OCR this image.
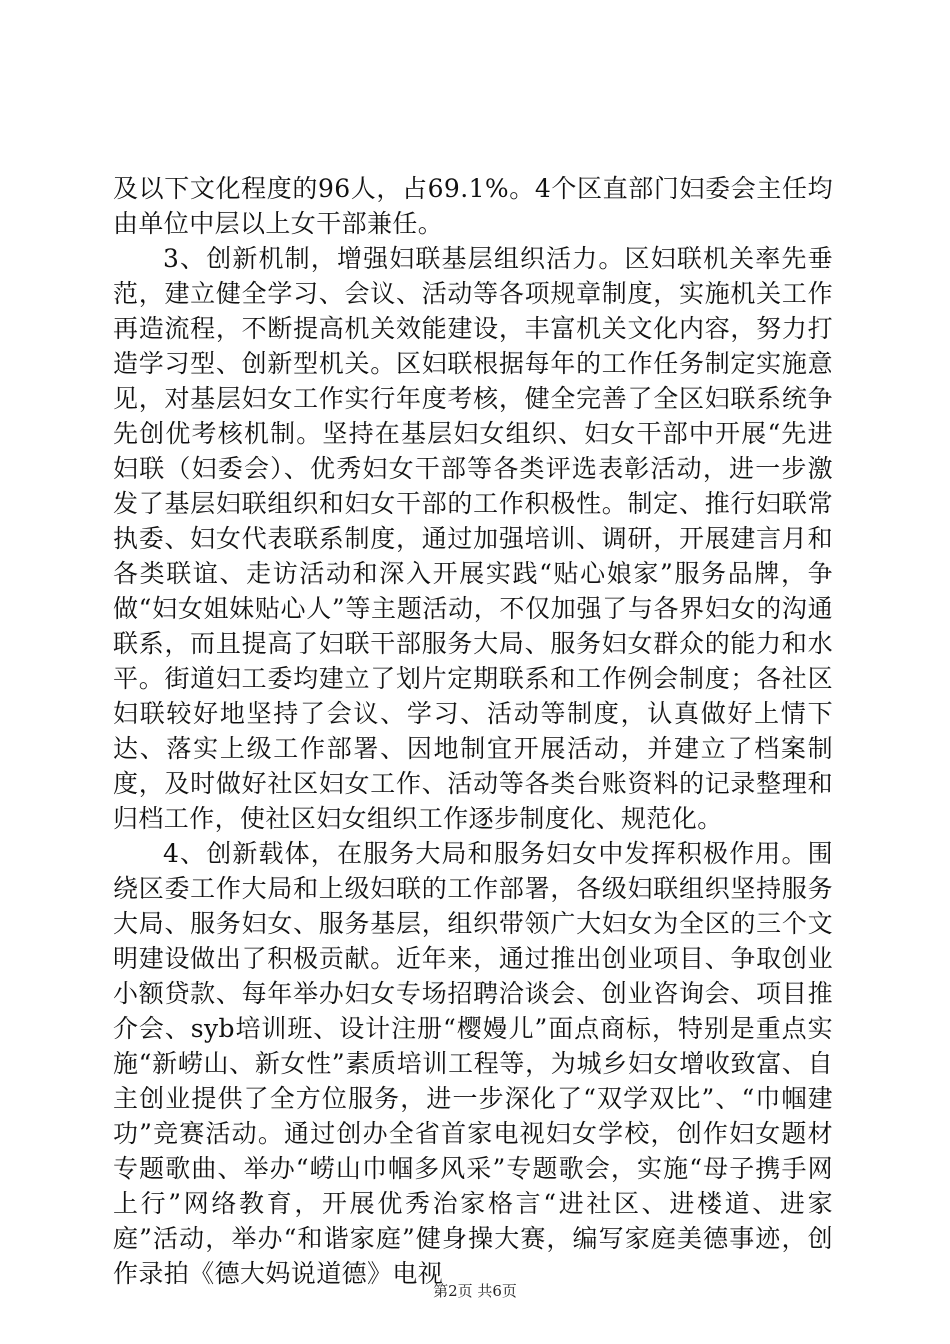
及以下文化程度的96人，占69.1%。4个区直部门妇委会主任均由单位中层以上女干部兼任。

3、创新机制，增强妇联基层组织活力。区妇联机关率先垂范，建立健全学习、会议、活动等各项规章制度，实施机关工作再造流程，不断提高机关效能建设，丰富机关文化内容，努力打造学习型、创新型机关。区妇联根据每年的工作任务制定实施意见，对基层妇女工作实行年度考核，健全完善了全区妇联系统争先创优考核机制。坚持在基层妇女组织、妇女干部中开展“先进妇联（妇委会）、优秀妇女干部等各类评选表彰活动，进一步激发了基层妇联组织和妇女干部的工作积极性。制定、推行妇联常执委、妇女代表联系制度，通过加强培训、调研，开展建言月和各类联谊、走访活动和深入开展实践“贴心娘家”服务品牌，争做“妇女姐妹贴心人”等主题活动，不仅加强了与各界妇女的沟通联系，而且提高了妇联干部服务大局、服务妇女群众的能力和水平。街道妇工委均建立了划片定期联系和工作例会制度；各社区妇联较好地坚持了会议、学习、活动等制度，认真做好上情下达、落实上级工作部署、因地制宜开展活动，并建立了档案制度，及时做好社区妇女工作、活动等各类台账资料的记录整理和归档工作，使社区妇女组织工作逐步制度化、规范化。

4、创新载体，在服务大局和服务妇女中发挥积极作用。围绕区委工作大局和上级妇联的工作部署，各级妇联组织坚持服务大局、服务妇女、服务基层，组织带领广大妇女为全区的三个文明建设做出了积极贡献。近年来，通过推出创业项目、争取创业小额贷款、每年举办妇女专场招聘洽谈会、创业咨询会、项目推介会、syb培训班、设计注册“樱嫚儿”面点商标，特别是重点实施“新崂山、新女性”素质培训工程等，为城乡妇女增收致富、自主创业提供了全方位服务，进一步深化了“双学双比”、“巾帼建功”竞赛活动。通过创办全省首家电视妇女学校，创作妇女题材专题歌曲、举办“崂山巾帼多风采”专题歌会，实施“母子携手网上行”网络教育，开展优秀治家格言“进社区、进楼道、进家庭”活动，举办“和谐家庭”健身操大赛，编写家庭美德事迹，创作录拍《德大妈说道德》电视

第2页 共6页
